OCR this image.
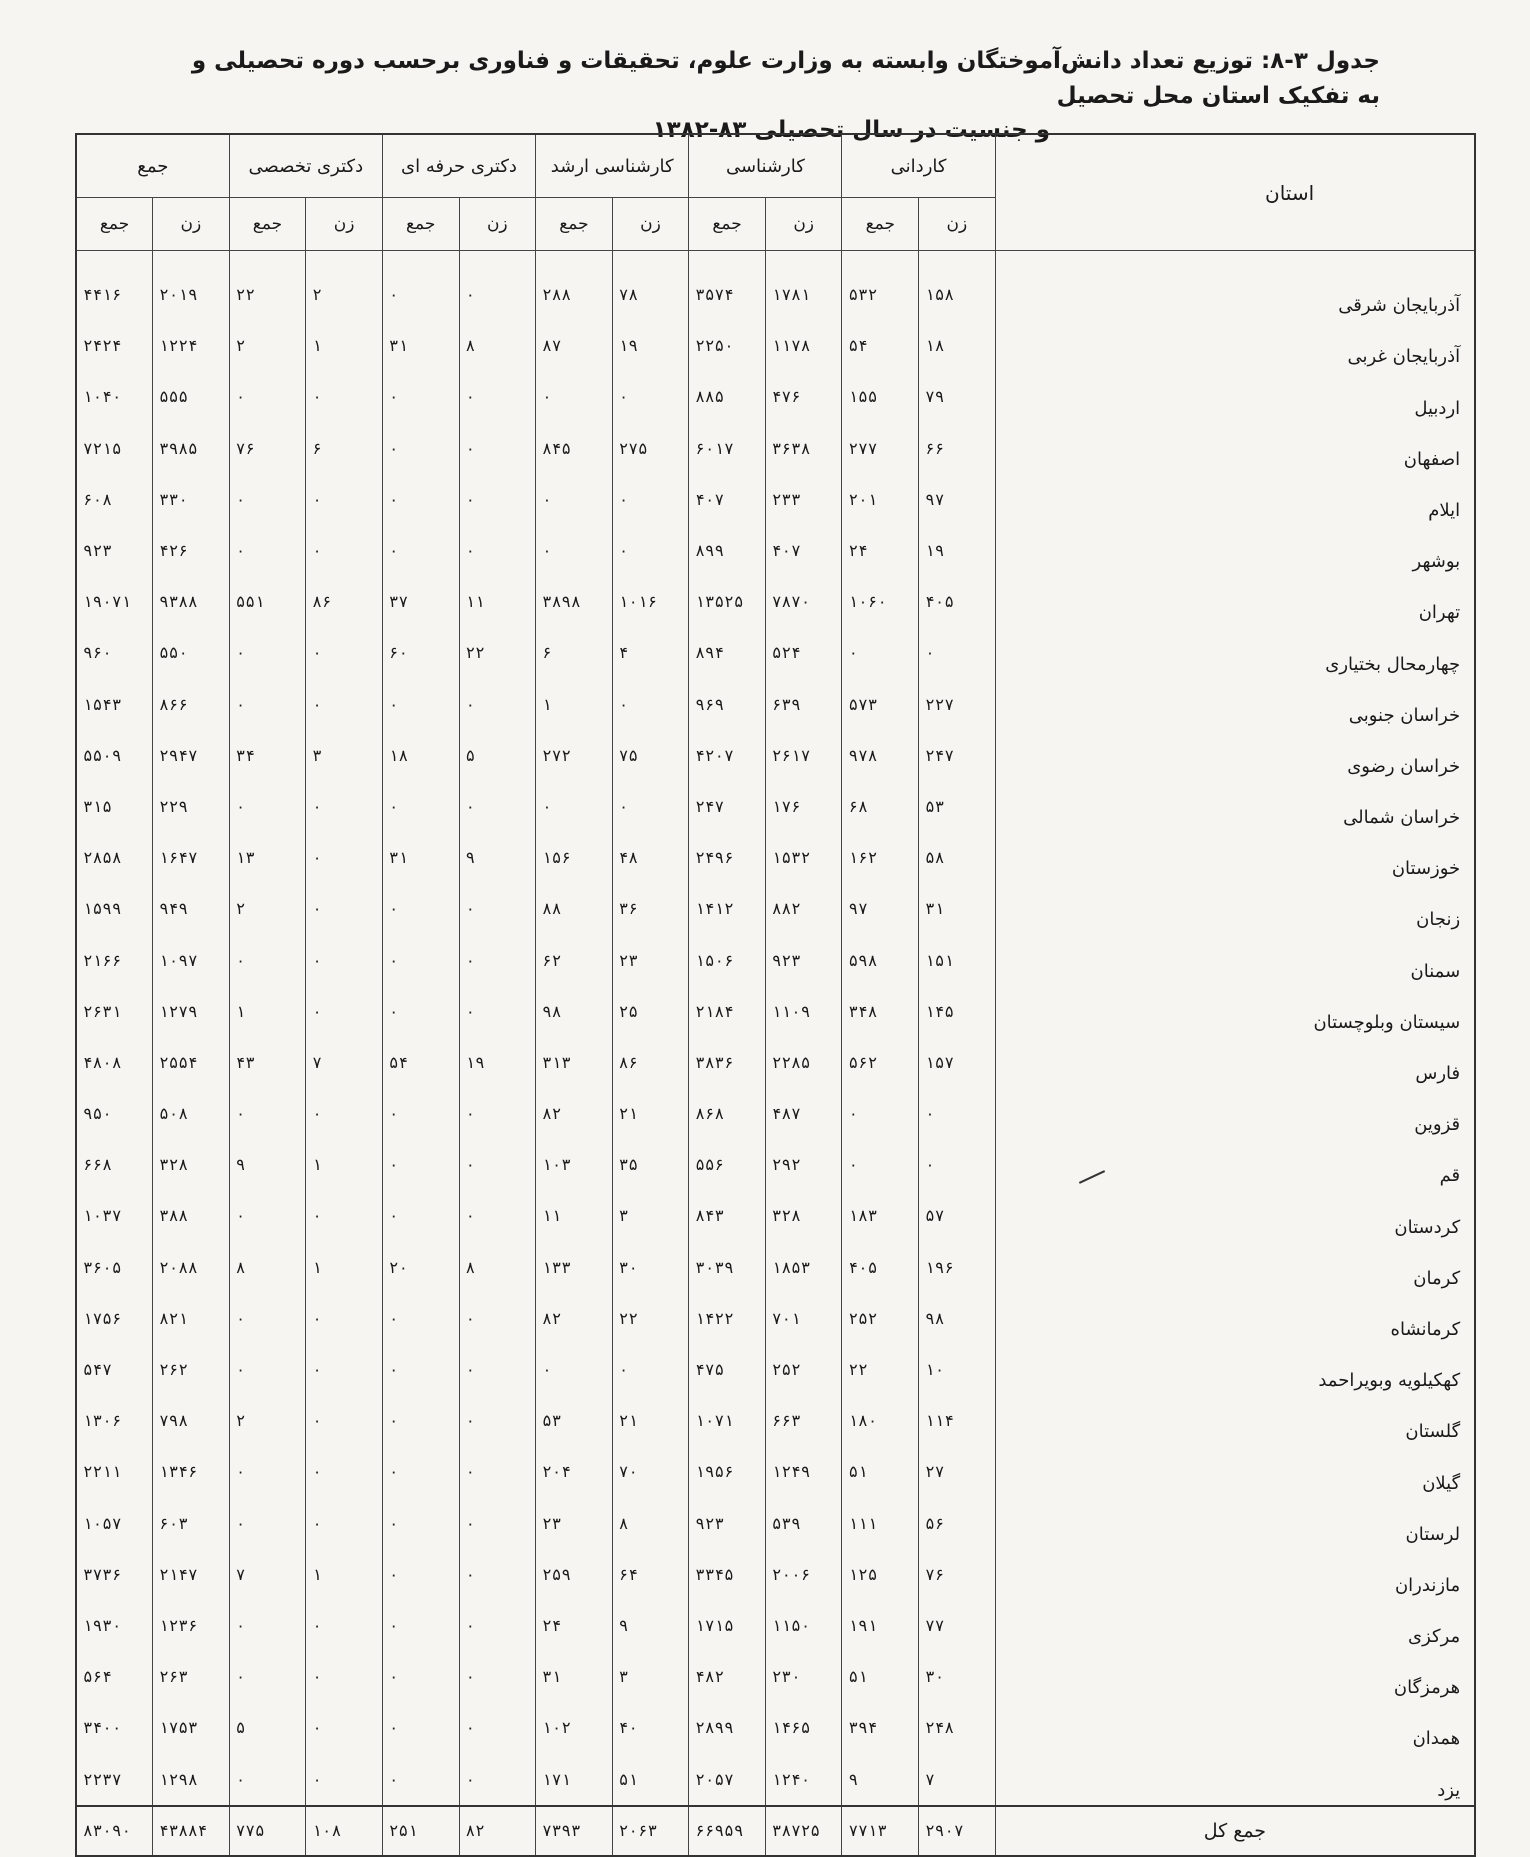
جدول ۳-۸: توزیع تعداد دانش‌آموختگان وابسته به وزارت علوم، تحقیقات و فناوری برحسب دوره تحصیلی و به تفکیک استان محل تحصیل
و جنسیت در سال تحصیلی ۸۳-۱۳۸۲
استان	کاردانی		کارشناسی		کارشناسی ارشد		دکتری حرفه ای		دکتری تخصصی		جمع	
	زن	جمع	زن	جمع	زن	جمع	زن	جمع	زن	جمع	زن	جمع
آذربایجان شرقی	۱۵۸	۵۳۲	۱۷۸۱	۳۵۷۴	۷۸	۲۸۸	۰	۰	۲	۲۲	۲۰۱۹	۴۴۱۶
آذربایجان غربی	۱۸	۵۴	۱۱۷۸	۲۲۵۰	۱۹	۸۷	۸	۳۱	۱	۲	۱۲۲۴	۲۴۲۴
اردبیل	۷۹	۱۵۵	۴۷۶	۸۸۵	۰	۰	۰	۰	۰	۰	۵۵۵	۱۰۴۰
اصفهان	۶۶	۲۷۷	۳۶۳۸	۶۰۱۷	۲۷۵	۸۴۵	۰	۰	۶	۷۶	۳۹۸۵	۷۲۱۵
ایلام	۹۷	۲۰۱	۲۳۳	۴۰۷	۰	۰	۰	۰	۰	۰	۳۳۰	۶۰۸
بوشهر	۱۹	۲۴	۴۰۷	۸۹۹	۰	۰	۰	۰	۰	۰	۴۲۶	۹۲۳
تهران	۴۰۵	۱۰۶۰	۷۸۷۰	۱۳۵۲۵	۱۰۱۶	۳۸۹۸	۱۱	۳۷	۸۶	۵۵۱	۹۳۸۸	۱۹۰۷۱
چهارمحال بختیاری	۰	۰	۵۲۴	۸۹۴	۴	۶	۲۲	۶۰	۰	۰	۵۵۰	۹۶۰
خراسان جنوبی	۲۲۷	۵۷۳	۶۳۹	۹۶۹	۰	۱	۰	۰	۰	۰	۸۶۶	۱۵۴۳
خراسان رضوی	۲۴۷	۹۷۸	۲۶۱۷	۴۲۰۷	۷۵	۲۷۲	۵	۱۸	۳	۳۴	۲۹۴۷	۵۵۰۹
خراسان شمالی	۵۳	۶۸	۱۷۶	۲۴۷	۰	۰	۰	۰	۰	۰	۲۲۹	۳۱۵
خوزستان	۵۸	۱۶۲	۱۵۳۲	۲۴۹۶	۴۸	۱۵۶	۹	۳۱	۰	۱۳	۱۶۴۷	۲۸۵۸
زنجان	۳۱	۹۷	۸۸۲	۱۴۱۲	۳۶	۸۸	۰	۰	۰	۲	۹۴۹	۱۵۹۹
سمنان	۱۵۱	۵۹۸	۹۲۳	۱۵۰۶	۲۳	۶۲	۰	۰	۰	۰	۱۰۹۷	۲۱۶۶
سیستان وبلوچستان	۱۴۵	۳۴۸	۱۱۰۹	۲۱۸۴	۲۵	۹۸	۰	۰	۰	۱	۱۲۷۹	۲۶۳۱
فارس	۱۵۷	۵۶۲	۲۲۸۵	۳۸۳۶	۸۶	۳۱۳	۱۹	۵۴	۷	۴۳	۲۵۵۴	۴۸۰۸
قزوین	۰	۰	۴۸۷	۸۶۸	۲۱	۸۲	۰	۰	۰	۰	۵۰۸	۹۵۰
قم	۰	۰	۲۹۲	۵۵۶	۳۵	۱۰۳	۰	۰	۱	۹	۳۲۸	۶۶۸
کردستان	۵۷	۱۸۳	۳۲۸	۸۴۳	۳	۱۱	۰	۰	۰	۰	۳۸۸	۱۰۳۷
کرمان	۱۹۶	۴۰۵	۱۸۵۳	۳۰۳۹	۳۰	۱۳۳	۸	۲۰	۱	۸	۲۰۸۸	۳۶۰۵
کرمانشاه	۹۸	۲۵۲	۷۰۱	۱۴۲۲	۲۲	۸۲	۰	۰	۰	۰	۸۲۱	۱۷۵۶
کهکیلویه وبویراحمد	۱۰	۲۲	۲۵۲	۴۷۵	۰	۰	۰	۰	۰	۰	۲۶۲	۵۴۷
گلستان	۱۱۴	۱۸۰	۶۶۳	۱۰۷۱	۲۱	۵۳	۰	۰	۰	۲	۷۹۸	۱۳۰۶
گیلان	۲۷	۵۱	۱۲۴۹	۱۹۵۶	۷۰	۲۰۴	۰	۰	۰	۰	۱۳۴۶	۲۲۱۱
لرستان	۵۶	۱۱۱	۵۳۹	۹۲۳	۸	۲۳	۰	۰	۰	۰	۶۰۳	۱۰۵۷
مازندران	۷۶	۱۲۵	۲۰۰۶	۳۳۴۵	۶۴	۲۵۹	۰	۰	۱	۷	۲۱۴۷	۳۷۳۶
مرکزی	۷۷	۱۹۱	۱۱۵۰	۱۷۱۵	۹	۲۴	۰	۰	۰	۰	۱۲۳۶	۱۹۳۰
هرمزگان	۳۰	۵۱	۲۳۰	۴۸۲	۳	۳۱	۰	۰	۰	۰	۲۶۳	۵۶۴
همدان	۲۴۸	۳۹۴	۱۴۶۵	۲۸۹۹	۴۰	۱۰۲	۰	۰	۰	۵	۱۷۵۳	۳۴۰۰
یزد	۷	۹	۱۲۴۰	۲۰۵۷	۵۱	۱۷۱	۰	۰	۰	۰	۱۲۹۸	۲۲۳۷
جمع کل	۲۹۰۷	۷۷۱۳	۳۸۷۲۵	۶۶۹۵۹	۲۰۶۳	۷۳۹۳	۸۲	۲۵۱	۱۰۸	۷۷۵	۴۳۸۸۴	۸۳۰۹۰
